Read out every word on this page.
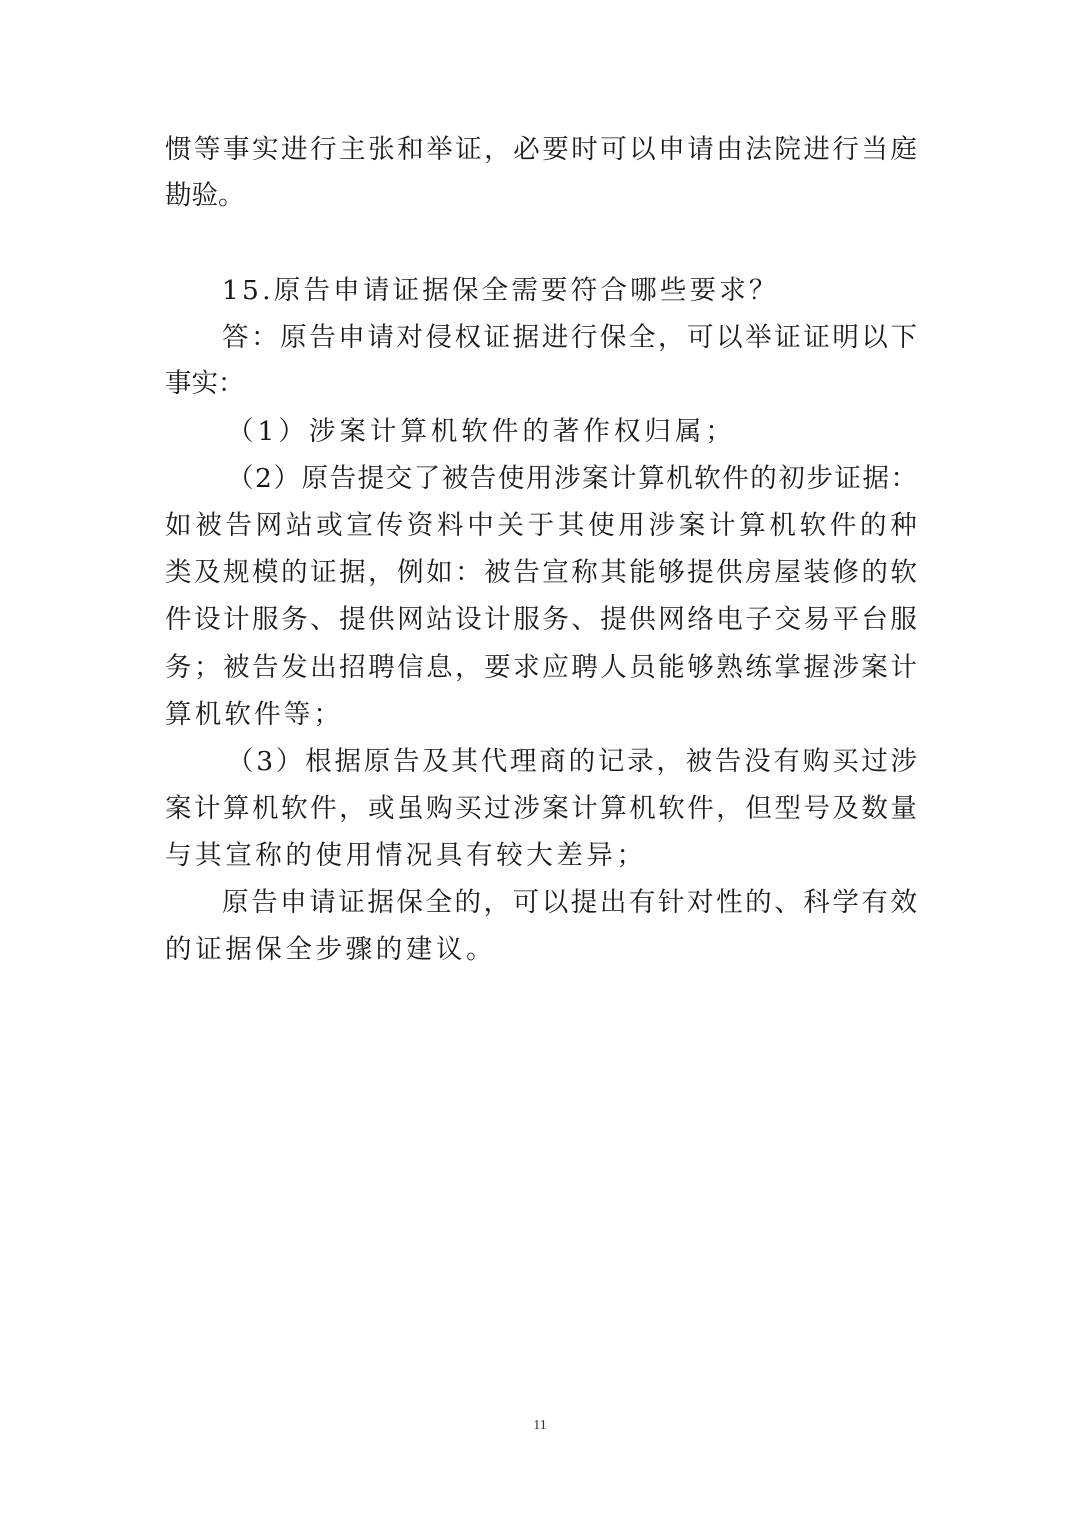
惯 等 事 实 进 行 主 张 和 举 证 ， 必 要 时 可 以 申 请 由 法 院 进 行 当 庭
勘验。
15.原告申请证据保全需要符合哪些要求？
答 ： 原 告 申 请 对 侵 权 证 据 进 行 保 全 ， 可 以 举 证 证 明 以 下
事实：
（1）涉案计算机软件的著作权归属；
（ 2 ） 原 告 提 交 了 被 告 使 用 涉 案 计 算 机 软 件 的 初 步 证 据 ：
如 被 告 网 站 或 宣 传 资 料 中 关 于 其 使 用 涉 案 计 算 机 软 件 的 种
类 及 规 模 的 证 据 ， 例 如 ： 被 告 宣 称 其 能 够 提 供 房 屋 装 修 的 软
件 设 计 服 务 、 提 供 网 站 设 计 服 务 、 提 供 网 络 电 子 交 易 平 台 服
务 ； 被 告 发 出 招 聘 信 息 ， 要 求 应 聘 人 员 能 够 熟 练 掌 握 涉 案 计
算机软件等；
（ 3 ） 根 据 原 告 及 其 代 理 商 的 记 录 ， 被 告 没 有 购 买 过 涉
案 计 算 机 软 件 ， 或 虽 购 买 过 涉 案 计 算 机 软 件 ， 但 型 号 及 数 量
与其宣称的使用情况具有较大差异；
原 告 申 请 证 据 保 全 的 ， 可 以 提 出 有 针 对 性 的 、 科 学 有 效
的证据保全步骤的建议。
11
